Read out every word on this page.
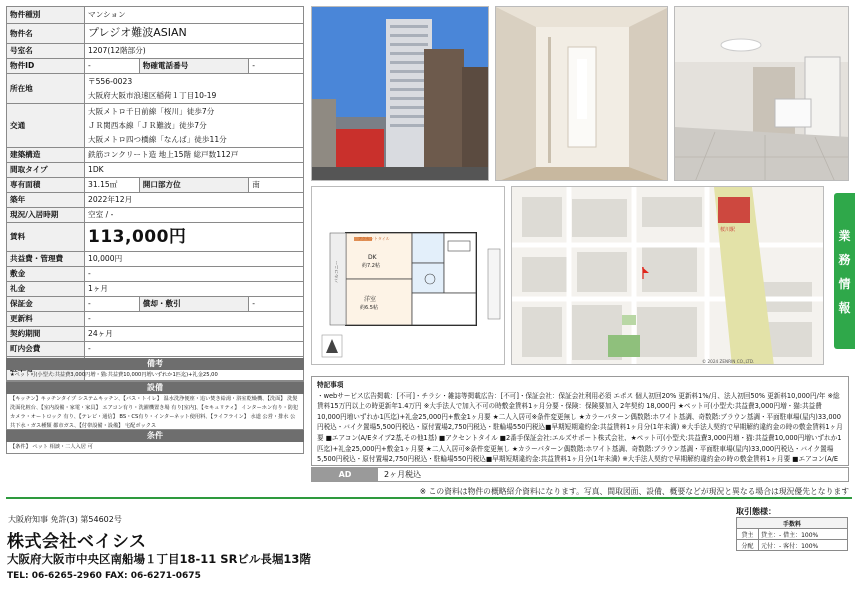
物件種別	マンション		
物件名	プレジオ難波ASIAN		
号室名	1207(12階部分)		
物件ID	-	物確電話番号	-
所在地	〒556-0023
大阪府大阪市浪速区稲荷１丁目10-19		

交通	大阪メトロ千日前線「桜川」徒歩7分
ＪＲ関西本線「ＪＲ難波」徒歩7分
大阪メトロ四つ橋線「なんば」徒歩11分		

建築構造	鉄筋コンクリート造 地上15階 総戸数112戸		
間取タイプ	1DK		
専有面積	31.15㎡	開口部方位	南
築年	2022年12月		
現況/入居時期	空室 / -		
賃料	113,000円		
共益費・管理費	10,000円		
敷金	-		
礼金	1ヶ月		
保証金	-	償却・敷引	-
更新料	-		
契約期間	24ヶ月		
町内会費	-		

備考
★ペット可(小型犬:共益費3,000円増・猫:共益費10,000円増いずれか1匹迄)+礼金25,00
設備
【キッチン】キッチンタイプ システムキッチン、【バス・トイレ】 温水洗浄便座・追い焚き給湯・浴室乾燥機、【洗面】 洗髪洗面化粧台、【室内設備・家電・家具】 エアコン有り・洗濯機置き場 有り[室内]、【セキュリティ】 インターホン有り・防犯カメラ・オートロック 有り、【テレビ・通信】 BS・CS有り・インターネット使用料、【ライフライン】 水道 公営・排水 公共下水・ガス種類 都市ガス、【付帯設備・設備】 宅配ボックス
条件
【条件】 ペット 相談・二人入居 可
アクセントタイル
DK
約7.2帖
洋室
約6.5帖
バルコニー
桜川駅
© 2024 ZENRIN CO.,LTD.
業
務
情
報
特記事項
・webサービス広告掲載：[不可]・チラシ・雑誌等掲載広告：[不可]・保証会社：保証会社利用必須 エポス 個人初回20% 更新料1%/月、法人初回50% 更新料10,000円/年 ※総賃料15万円以上の時更新年1.4万円 ※大手法人で加入不可の時敷金賃料1ヶ月分要・保険：保険要加入 2年契約 18,000円 ★ペット可(小型犬:共益費3,000円増・猫:共益費10,000円増いずれか1匹迄)+礼金25,000円+敷金1ヶ月要 ★二人入居可※条件変更無し ★カラーパターン偶数階:ホワイト基調、奇数階:ブラウン基調・平面駐車場(屋内)33,000円税込・バイク置場5,500円税込・原付置場2,750円税込・駐輪場550円税込■早期短期違約金:共益賃料1ヶ月分(1年未満) ※大手法人契約で早期解約違約金の時の敷金賃料1ヶ月要 ■エアコン(A/Eタイプ2基,その他1基) ■アクセントタイル ■2番手保証会社:エルズサポート株式会社、★ペット可(小型犬:共益費3,000円増・猫:共益費10,000円増いずれか1匹迄)+礼金25,000円+敷金1ヶ月要 ★二人入居可※条件変更無し ★カラーパターン偶数階:ホワイト基調、奇数階:ブラウン基調・平面駐車場(屋内)33,000円税込・バイク置場5,500円税込・原付置場2,750円税込・駐輪場550円税込■早期短期違約金:共益賃料1ヶ月分(1年未満) ※大手法人契約で早期解約違約金の時の敷金賃料1ヶ月要 ■エアコン(A/E
AD	2ヶ月税込
※ この資料は物件の概略紹介資料になります。写真、間取図面、設備、概要などが現況と異なる場合は現況優先となります
大阪府知事 免許(3) 第54602号
株式会社ベイシス
大阪府大阪市中央区南船場１丁目18-11 SRビル長堀13階
TEL: 06-6265-2960 FAX: 06-6271-0675
取引態様：
手数料	
貸主	貸主：- 借主：100%
分配	元付：- 客付：100%
